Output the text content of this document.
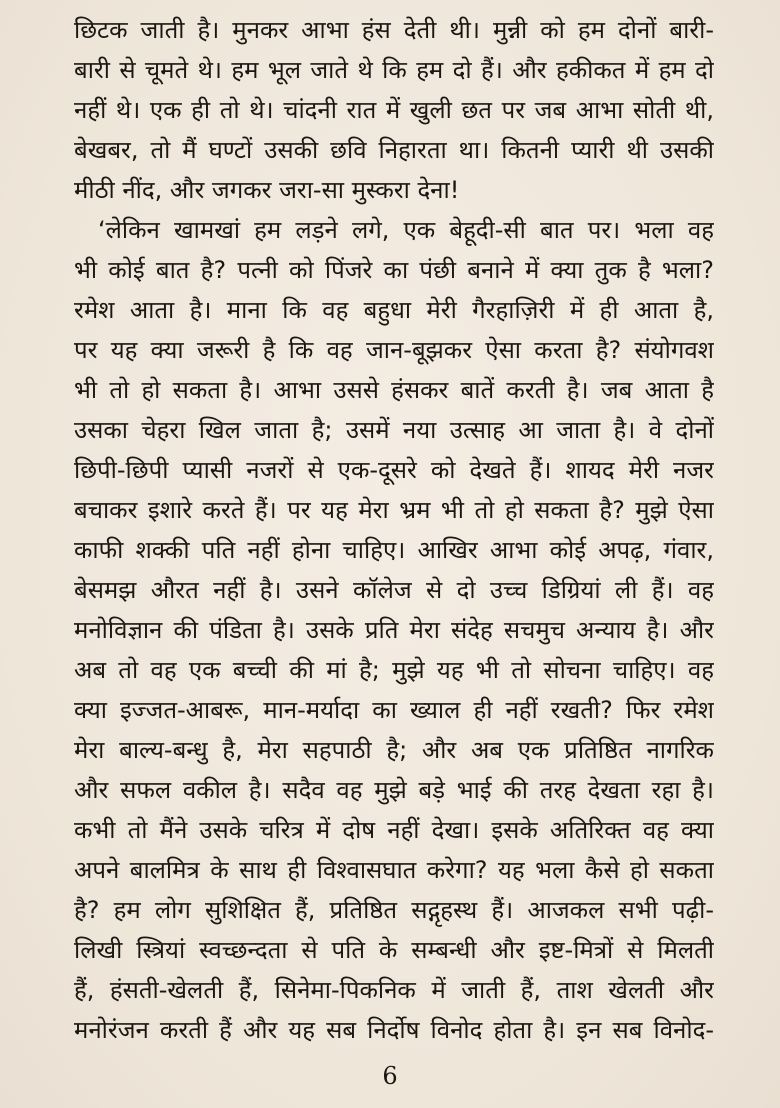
छिटक जाती है। मुनकर आभा हंस देती थी। मुन्नी को हम दोनों बारी-
बारी से चूमते थे। हम भूल जाते थे कि हम दो हैं। और हकीकत में हम दो
नहीं थे। एक ही तो थे। चांदनी रात में खुली छत पर जब आभा सोती थी,
बेखबर, तो मैं घण्टों उसकी छवि निहारता था। कितनी प्यारी थी उसकी
मीठी नींद, और जगकर जरा-सा मुस्करा देना!
‘लेकिन खामखां हम लड़ने लगे, एक बेहूदी-सी बात पर। भला वह
भी कोई बात है? पत्नी को पिंजरे का पंछी बनाने में क्या तुक है भला?
रमेश आता है। माना कि वह बहुधा मेरी गैरहाज़िरी में ही आता है,
पर यह क्या जरूरी है कि वह जान-बूझकर ऐसा करता है? संयोगवश
भी तो हो सकता है। आभा उससे हंसकर बातें करती है। जब आता है
उसका चेहरा खिल जाता है; उसमें नया उत्साह आ जाता है। वे दोनों
छिपी-छिपी प्यासी नजरों से एक-दूसरे को देखते हैं। शायद मेरी नजर
बचाकर इशारे करते हैं। पर यह मेरा भ्रम भी तो हो सकता है? मुझे ऐसा
काफी शक्की पति नहीं होना चाहिए। आखिर आभा कोई अपढ़, गंवार,
बेसमझ औरत नहीं है। उसने कॉलेज से दो उच्च डिग्रियां ली हैं। वह
मनोविज्ञान की पंडिता है। उसके प्रति मेरा संदेह सचमुच अन्याय है। और
अब तो वह एक बच्ची की मां है; मुझे यह भी तो सोचना चाहिए। वह
क्या इज्जत-आबरू, मान-मर्यादा का ख्याल ही नहीं रखती? फिर रमेश
मेरा बाल्य-बन्धु है, मेरा सहपाठी है; और अब एक प्रतिष्ठित नागरिक
और सफल वकील है। सदैव वह मुझे बड़े भाई की तरह देखता रहा है।
कभी तो मैंने उसके चरित्र में दोष नहीं देखा। इसके अतिरिक्त वह क्या
अपने बालमित्र के साथ ही विश्वासघात करेगा? यह भला कैसे हो सकता
है? हम लोग सुशिक्षित हैं, प्रतिष्ठित सद्गृहस्थ हैं। आजकल सभी पढ़ी-
लिखी स्त्रियां स्वच्छन्दता से पति के सम्बन्धी और इष्ट-मित्रों से मिलती
हैं, हंसती-खेलती हैं, सिनेमा-पिकनिक में जाती हैं, ताश खेलती और
मनोरंजन करती हैं और यह सब निर्दोष विनोद होता है। इन सब विनोद-
6
